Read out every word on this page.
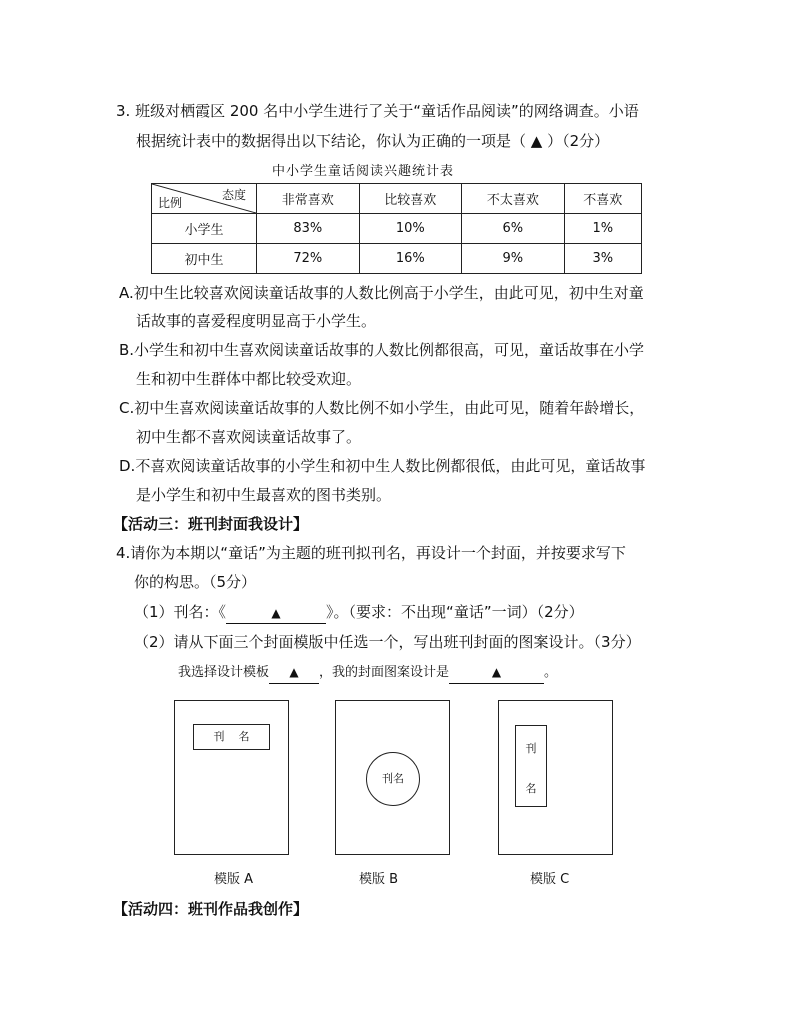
3. 班级对栖霞区 200 名中小学生进行了关于“童话作品阅读”的网络调查。小语
根据统计表中的数据得出以下结论，你认为正确的一项是（ ▲ ）（2分）
中小学生童话阅读兴趣统计表
态度
比例	非常喜欢	比较喜欢	不太喜欢	不喜欢
小学生	83%	10%	6%	1%
初中生	72%	16%	9%	3%
A.初中生比较喜欢阅读童话故事的人数比例高于小学生，由此可见，初中生对童
话故事的喜爱程度明显高于小学生。
B.小学生和初中生喜欢阅读童话故事的人数比例都很高，可见，童话故事在小学
生和初中生群体中都比较受欢迎。
C.初中生喜欢阅读童话故事的人数比例不如小学生，由此可见，随着年龄增长，
初中生都不喜欢阅读童话故事了。
D.不喜欢阅读童话故事的小学生和初中生人数比例都很低，由此可见，童话故事
是小学生和初中生最喜欢的图书类别。
【活动三：班刊封面我设计】
4.请你为本期以“童话”为主题的班刊拟刊名，再设计一个封面，并按要求写下
你的构思。（5分）
（1）刊名：《	▲	》。（要求：不出现“童话”一词）（2分）
（2）请从下面三个封面模版中任选一个，写出班刊封面的图案设计。（3分）
我选择设计模板 ▲ ，我的封面图案设计是	▲	。
刊    名
模版 A
刊名
模版 B
刊
名
模版 C
【活动四：班刊作品我创作】
